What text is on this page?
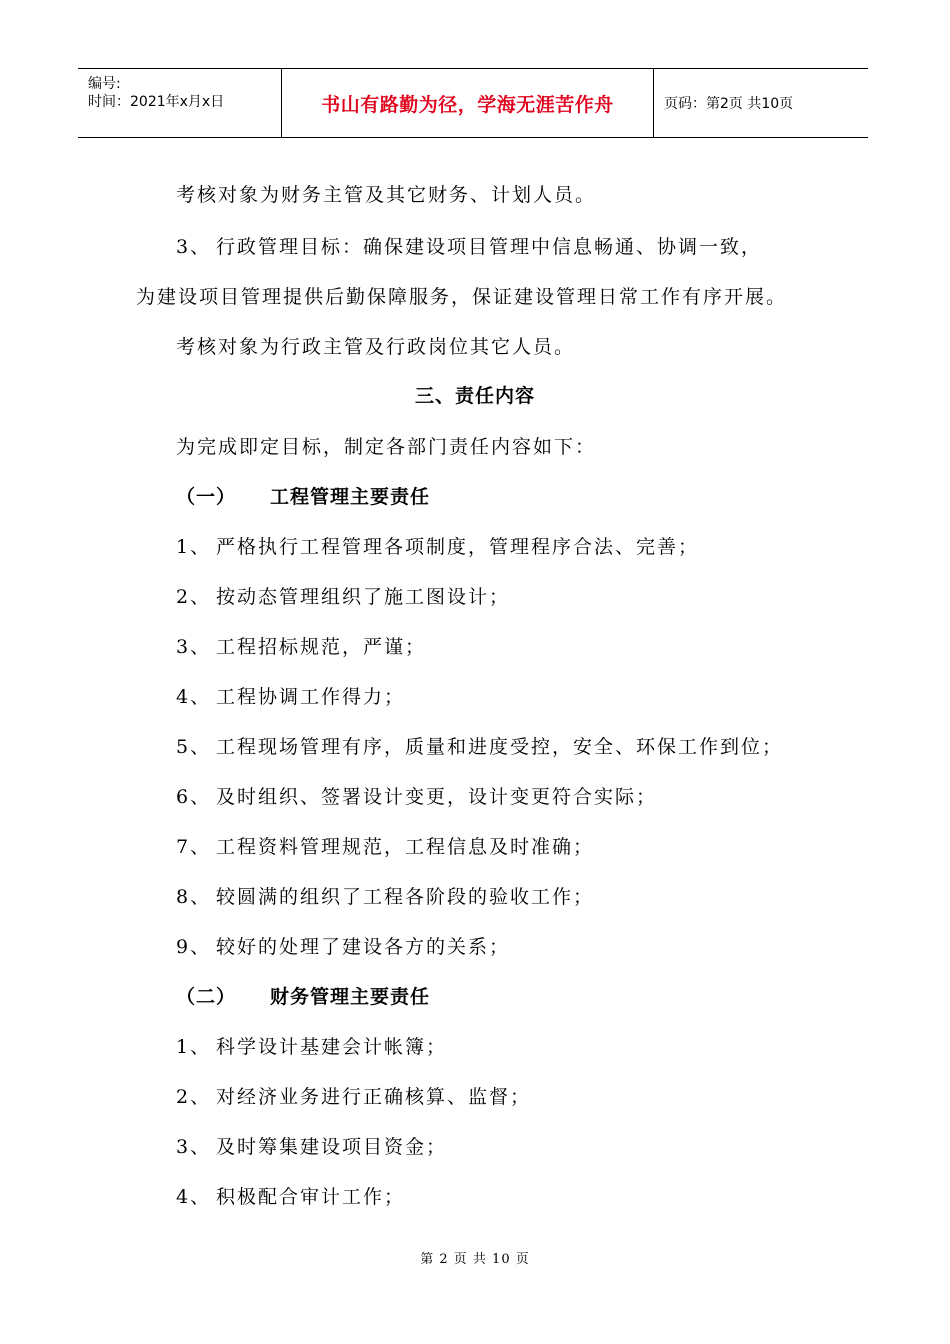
编号:
时间：2021年x月x日	书山有路勤为径，学海无涯苦作舟	页码：第2页 共10页
考核对象为财务主管及其它财务、计划人员。
3、 行政管理目标：确保建设项目管理中信息畅通、协调一致，
为建设项目管理提供后勤保障服务，保证建设管理日常工作有序开展。
考核对象为行政主管及行政岗位其它人员。
三、责任内容
为完成即定目标，制定各部门责任内容如下：
（一） 工程管理主要责任
1、 严格执行工程管理各项制度，管理程序合法、完善；
2、 按动态管理组织了施工图设计；
3、 工程招标规范，严谨；
4、 工程协调工作得力；
5、 工程现场管理有序，质量和进度受控，安全、环保工作到位；
6、 及时组织、签署设计变更，设计变更符合实际；
7、 工程资料管理规范，工程信息及时准确；
8、 较圆满的组织了工程各阶段的验收工作；
9、 较好的处理了建设各方的关系；
（二） 财务管理主要责任
1、 科学设计基建会计帐簿；
2、 对经济业务进行正确核算、监督；
3、 及时筹集建设项目资金；
4、 积极配合审计工作；
第 2 页 共 10 页
